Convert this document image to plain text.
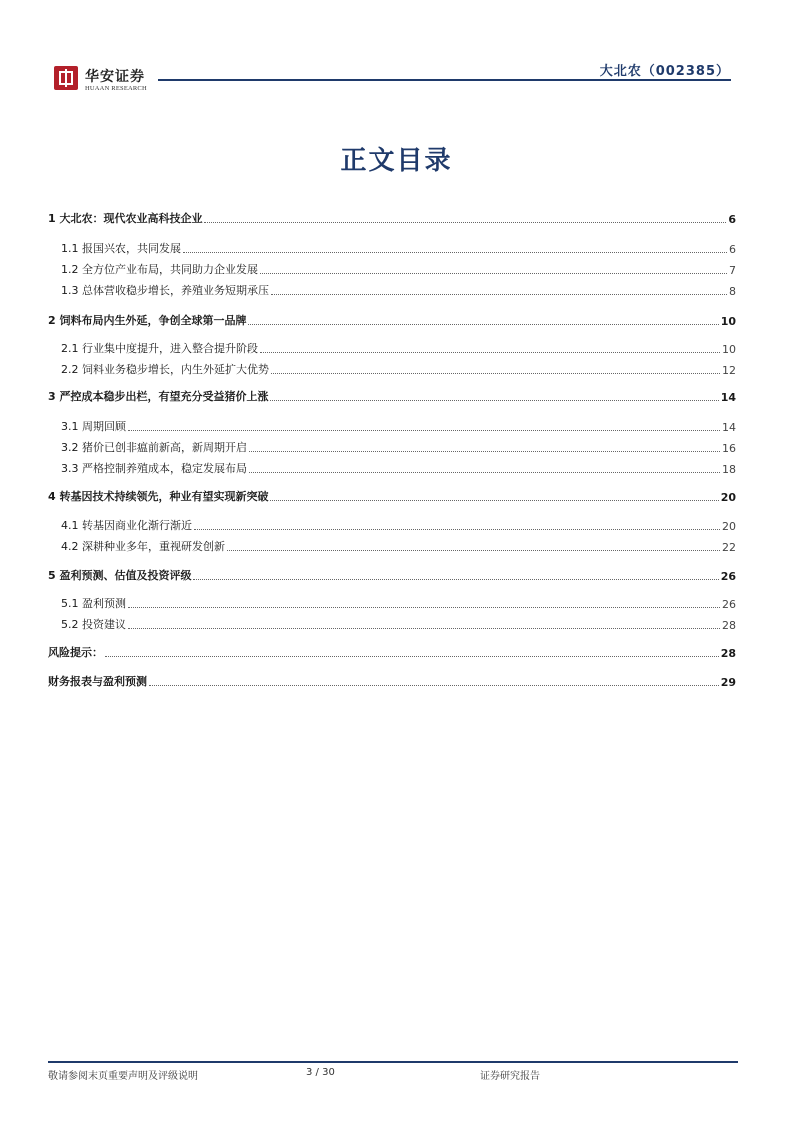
华安证券
HUAAN RESEARCH
大北农（002385）
正文目录
1 大北农：现代农业高科技企业	6
1.1 报国兴农，共同发展	6
1.2 全方位产业布局，共同助力企业发展	7
1.3 总体营收稳步增长，养殖业务短期承压	8
2 饲料布局内生外延，争创全球第一品牌	10
2.1 行业集中度提升，进入整合提升阶段	10
2.2 饲料业务稳步增长，内生外延扩大优势	12
3 严控成本稳步出栏，有望充分受益猪价上涨	14
3.1 周期回顾	14
3.2 猪价已创非瘟前新高，新周期开启	16
3.3 严格控制养殖成本，稳定发展布局	18
4 转基因技术持续领先，种业有望实现新突破	20
4.1 转基因商业化渐行渐近	20
4.2 深耕种业多年，重视研发创新	22
5 盈利预测、估值及投资评级	26
5.1 盈利预测	26
5.2 投资建议	28
风险提示：	28
财务报表与盈利预测	29
敬请参阅末页重要声明及评级说明	3 / 30	证券研究报告
